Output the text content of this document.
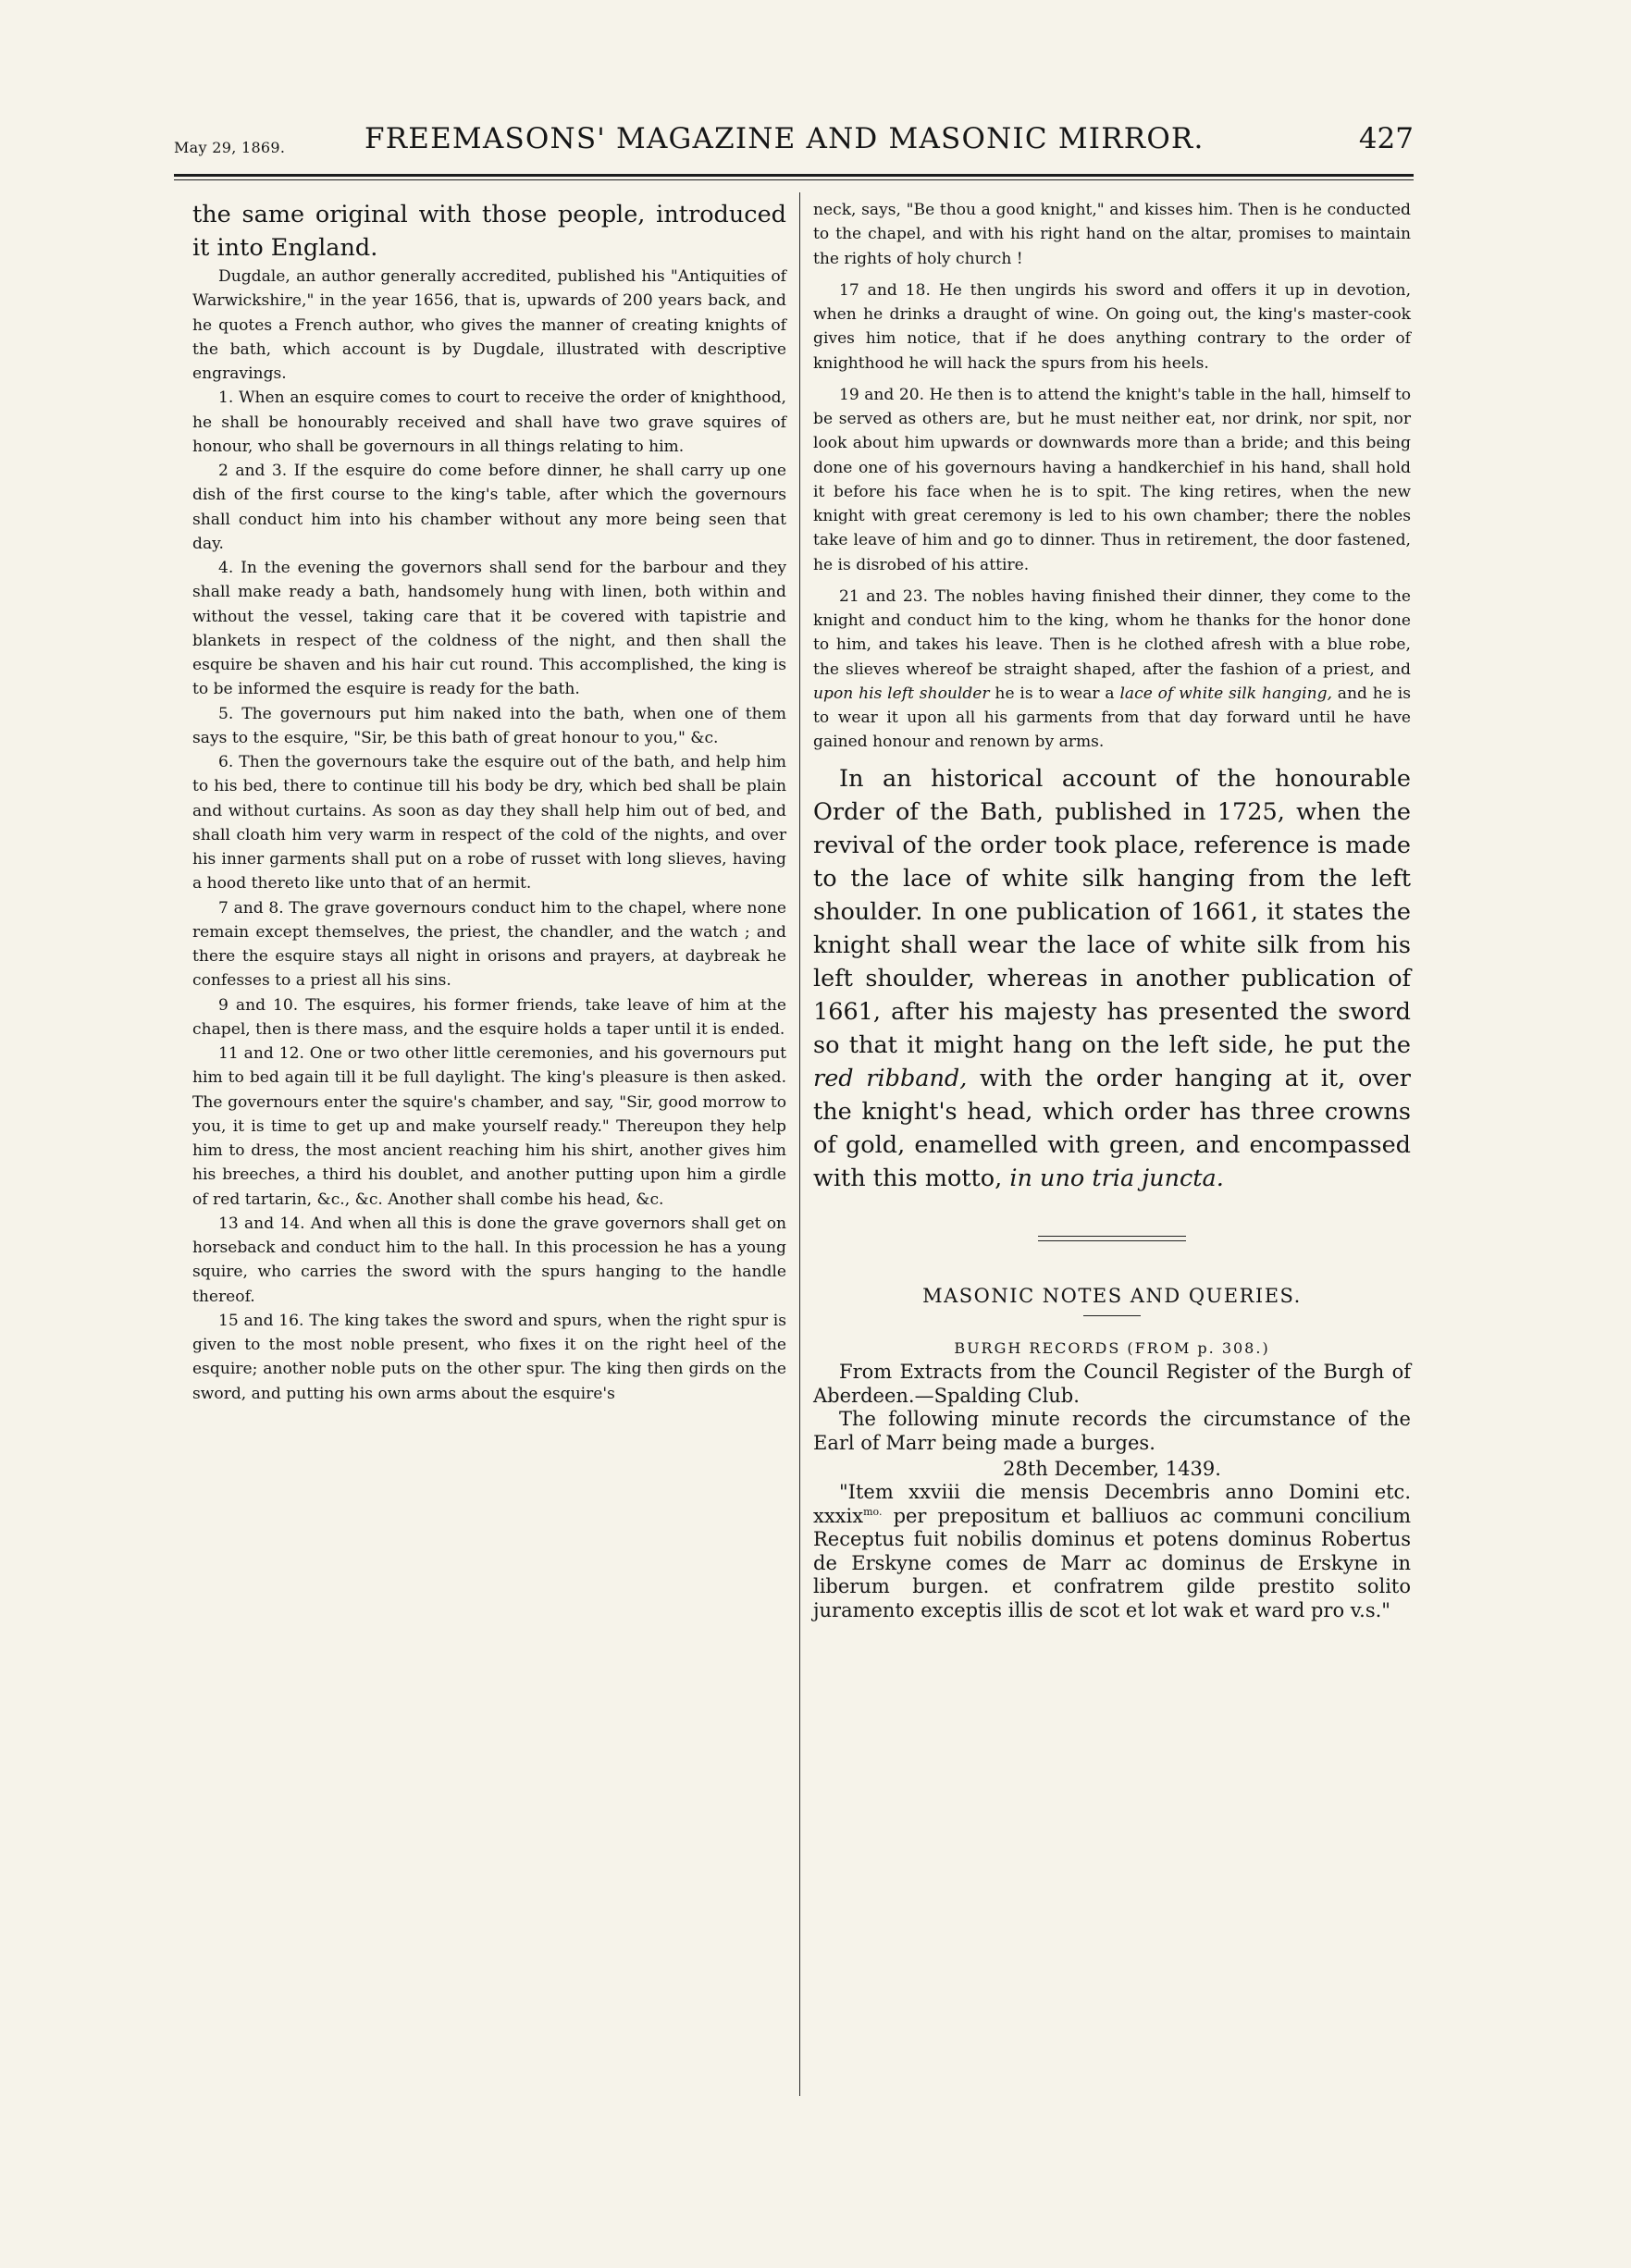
May 29, 1869.	FREEMASONS' MAGAZINE AND MASONIC MIRROR.	427

the same original with those people, introduced it into England.

Dugdale, an author generally accredited, published his "Antiquities of Warwickshire," in the year 1656, that is, upwards of 200 years back, and he quotes a French author, who gives the manner of creating knights of the bath, which account is by Dugdale, illustrated with descriptive engravings.

1. When an esquire comes to court to receive the order of knighthood, he shall be honourably received and shall have two grave squires of honour, who shall be governours in all things relating to him.

2 and 3. If the esquire do come before dinner, he shall carry up one dish of the first course to the king's table, after which the governours shall conduct him into his chamber without any more being seen that day.

4. In the evening the governors shall send for the barbour and they shall make ready a bath, handsomely hung with linen, both within and without the vessel, taking care that it be covered with tapistrie and blankets in respect of the coldness of the night, and then shall the esquire be shaven and his hair cut round. This accomplished, the king is to be informed the esquire is ready for the bath.

5. The governours put him naked into the bath, when one of them says to the esquire, "Sir, be this bath of great honour to you," &c.

6. Then the governours take the esquire out of the bath, and help him to his bed, there to continue till his body be dry, which bed shall be plain and without curtains. As soon as day they shall help him out of bed, and shall cloath him very warm in respect of the cold of the nights, and over his inner garments shall put on a robe of russet with long slieves, having a hood thereto like unto that of an hermit.

7 and 8. The grave governours conduct him to the chapel, where none remain except themselves, the priest, the chandler, and the watch ; and there the esquire stays all night in orisons and prayers, at daybreak he confesses to a priest all his sins.

9 and 10. The esquires, his former friends, take leave of him at the chapel, then is there mass, and the esquire holds a taper until it is ended.

11 and 12. One or two other little ceremonies, and his governours put him to bed again till it be full daylight. The king's pleasure is then asked. The governours enter the squire's chamber, and say, "Sir, good morrow to you, it is time to get up and make yourself ready." Thereupon they help him to dress, the most ancient reaching him his shirt, another gives him his breeches, a third his doublet, and another putting upon him a girdle of red tartarin, &c., &c. Another shall combe his head, &c.

13 and 14. And when all this is done the grave governors shall get on horseback and conduct him to the hall. In this procession he has a young squire, who carries the sword with the spurs hanging to the handle thereof.

15 and 16. The king takes the sword and spurs, when the right spur is given to the most noble present, who fixes it on the right heel of the esquire; another noble puts on the other spur. The king then girds on the sword, and putting his own arms about the esquire's

neck, says, "Be thou a good knight," and kisses him. Then is he conducted to the chapel, and with his right hand on the altar, promises to maintain the rights of holy church !

17 and 18. He then ungirds his sword and offers it up in devotion, when he drinks a draught of wine. On going out, the king's master-cook gives him notice, that if he does anything contrary to the order of knighthood he will hack the spurs from his heels.

19 and 20. He then is to attend the knight's table in the hall, himself to be served as others are, but he must neither eat, nor drink, nor spit, nor look about him upwards or downwards more than a bride; and this being done one of his governours having a handkerchief in his hand, shall hold it before his face when he is to spit. The king retires, when the new knight with great ceremony is led to his own chamber; there the nobles take leave of him and go to dinner. Thus in retirement, the door fastened, he is disrobed of his attire.

21 and 23. The nobles having finished their dinner, they come to the knight and conduct him to the king, whom he thanks for the honor done to him, and takes his leave. Then is he clothed afresh with a blue robe, the slieves whereof be straight shaped, after the fashion of a priest, and upon his left shoulder he is to wear a lace of white silk hanging, and he is to wear it upon all his garments from that day forward until he have gained honour and renown by arms.

In an historical account of the honourable Order of the Bath, published in 1725, when the revival of the order took place, reference is made to the lace of white silk hanging from the left shoulder. In one publication of 1661, it states the knight shall wear the lace of white silk from his left shoulder, whereas in another publication of 1661, after his majesty has presented the sword so that it might hang on the left side, he put the red ribband, with the order hanging at it, over the knight's head, which order has three crowns of gold, enamelled with green, and encompassed with this motto, in uno tria juncta.

MASONIC NOTES AND QUERIES.

BURGH RECORDS (FROM p. 308.)

From Extracts from the Council Register of the Burgh of Aberdeen.—Spalding Club.

The following minute records the circumstance of the Earl of Marr being made a burges.

28th December, 1439.

"Item xxviii die mensis Decembris anno Domini etc. xxxix$^{mo.}$ per prepositum et balliuos ac communi concilium Receptus fuit nobilis dominus et potens dominus Robertus de Erskyne comes de Marr ac dominus de Erskyne in liberum burgen. et confratrem gilde prestito solito juramento exceptis illis de scot et lot wak et ward pro v.s."
